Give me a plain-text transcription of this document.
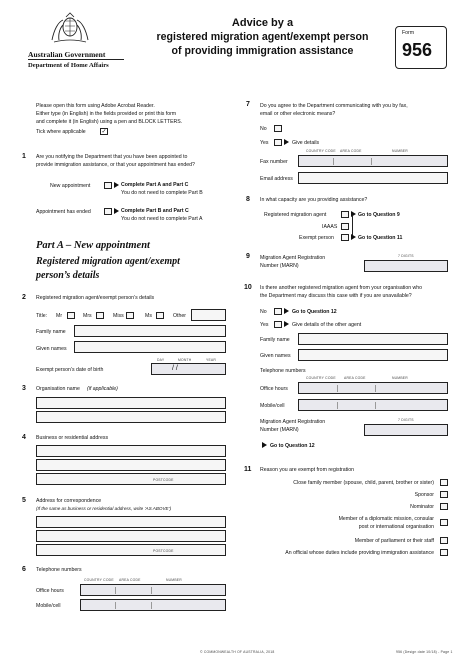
Australian Government
Department of Home Affairs
Advice by a
registered migration agent/exempt person
of providing immigration assistance
Form
956
Please open this form using Adobe Acrobat Reader.
Either type (in English) in the fields provided or print this form
and complete it (in English) using a pen and BLOCK LETTERS.
Tick where applicable	✓
1 Are you notifying the Department that you have been appointed to
provide immigration assistance, or that your appointment has ended?
New appointment	Complete Part A and Part C
You do not need to complete Part B
Appointment has ended	Complete Part B and Part C
You do not need to complete Part A
Part A – New appointment
Registered migration agent/exempt
person’s details
2 Registered migration agent/exempt person’s details
Title: Mr	Mrs	Miss	Ms	Other
Family name
Given names
DAY	MONTH	YEAR
Exempt person’s date of birth	/ /
3 Organisation name (if applicable)
4 Business or residential address
POSTCODE
5 Address for correspondence
(If the same as business or residential address, write ‘AS ABOVE’)
POSTCODE
6 Telephone numbers
COUNTRY CODE AREA CODE	NUMBER
Office hours
Mobile/cell
7 Do you agree to the Department communicating with you by fax,
email or other electronic means?
No
Yes	Give details
COUNTRY CODE AREA CODE	NUMBER
Fax number
Email address
8 In what capacity are you providing assistance?
Registered migration agent	Go to Question 9
IAAAS
Exempt person	Go to Question 11
9 Migration Agent Registration
Number (MARN)
7 DIGITS
10 Is there another registered migration agent from your organisation who
the Department may discuss this case with if you are unavailable?
No	Go to Question 12
Yes	Give details of the other agent
Family name
Given names
Telephone numbers
COUNTRY CODE AREA CODE	NUMBER
Office hours
Mobile/cell
Migration Agent Registration
Number (MARN)
7 DIGITS
Go to Question 12
11 Reason you are exempt from registration
Close family member (spouse, child, parent, brother or sister)
Sponsor
Nominator
Member of a diplomatic mission, consular
post or international organisation
Member of parliament or their staff
An official whose duties include providing immigration assistance
© COMMONWEALTH OF AUSTRALIA, 2018	956 (Design date 10/18) - Page 1
